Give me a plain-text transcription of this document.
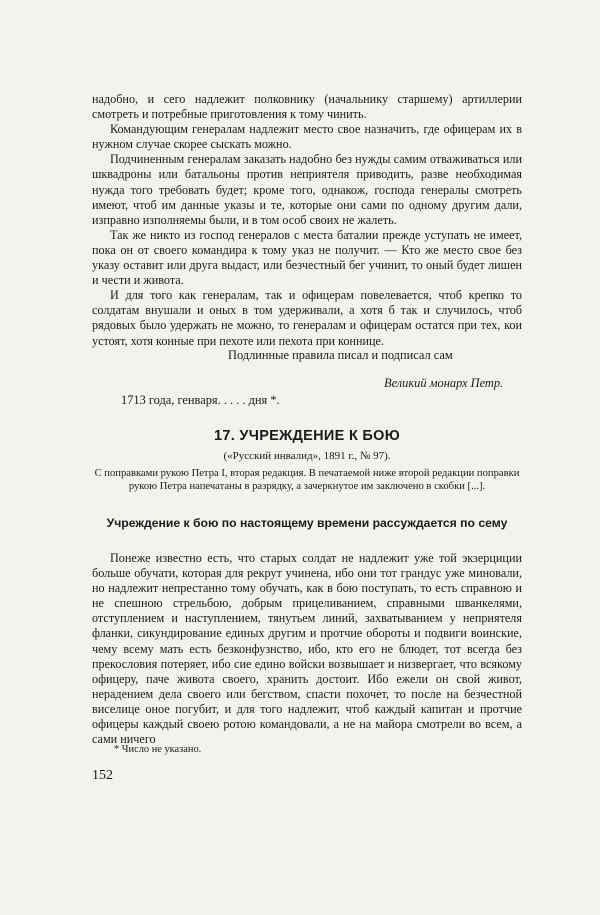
надобно, и сего надлежит полковнику (начальнику старшему) артиллерии смотреть и потребные приготовления к тому чинить.

Командующим генералам надлежит место свое назначить, где офицерам их в нужном случае скорее сыскать можно.

Подчиненным генералам заказать надобно без нужды самим отваживаться или шквадроны или батальоны против неприятеля приводить, разве необходимая нужда того требовать будет; кроме того, однакож, господа генералы смотреть имеют, чтоб им данные указы и те, которые они сами по одному другим дали, изправно изполняемы были, и в том особ своих не жалеть.

Так же никто из господ генералов с места баталии прежде уступать не имеет, пока он от своего командира к тому указ не получит. — Кто же место свое без указу оставит или друга выдаст, или безчестный бег учинит, то оный будет лишен и чести и живота.

И для того как генералам, так и офицерам повелевается, чтоб крепко то солдатам внушали и оных в том удерживали, а хотя б так и случилось, чтоб рядовых было удержать не можно, то генералам и офицерам остатся при тех, кои устоят, хотя конные при пехоте или пехота при коннице.

Подлинные правила писал и подписал сам
Великий монарх Петр.
1713 года, генваря. . . . . дня *.
17. УЧРЕЖДЕНИЕ К БОЮ
(«Русский инвалид», 1891 г., № 97).
С поправками рукою Петра I, вторая редакция. В печатаемой ниже второй редакции поправки рукою Петра напечатаны в разрядку, а зачеркнутое им заключено в скобки [...].
Учреждение к бою по настоящему времени рассуждается по сему

Понеже известно есть, что старых солдат не надлежит уже той экзерциции больше обучати, которая для рекрут учинена, ибо они тот грандус уже миновали, но надлежит непрестанно тому обучать, как в бою поступать, то есть справною и не спешною стрельбою, добрым прицеливанием, справными шванкелями, отступлением и наступлением, тянутьем линий, захватыванием у неприятеля фланки, сикундирование единых другим и протчие обороты и подвиги воинские, чему всему мать есть безконфузнство, ибо, кто его не блюдет, тот всегда без прекословия потеряет, ибо сие едино войски возвышает и низвергает, что всякому офицеру, паче живота своего, хранить достоит. Ибо ежели он свой живот, нерадением дела своего или бегством, спасти похочет, то после на безчестной виселице оное погубит, и для того надлежит, чтоб каждый капитан и протчие офицеры каждый своею ротою командовали, а не на майора смотрели во всем, а сами ничего

* Число не указано.
152
